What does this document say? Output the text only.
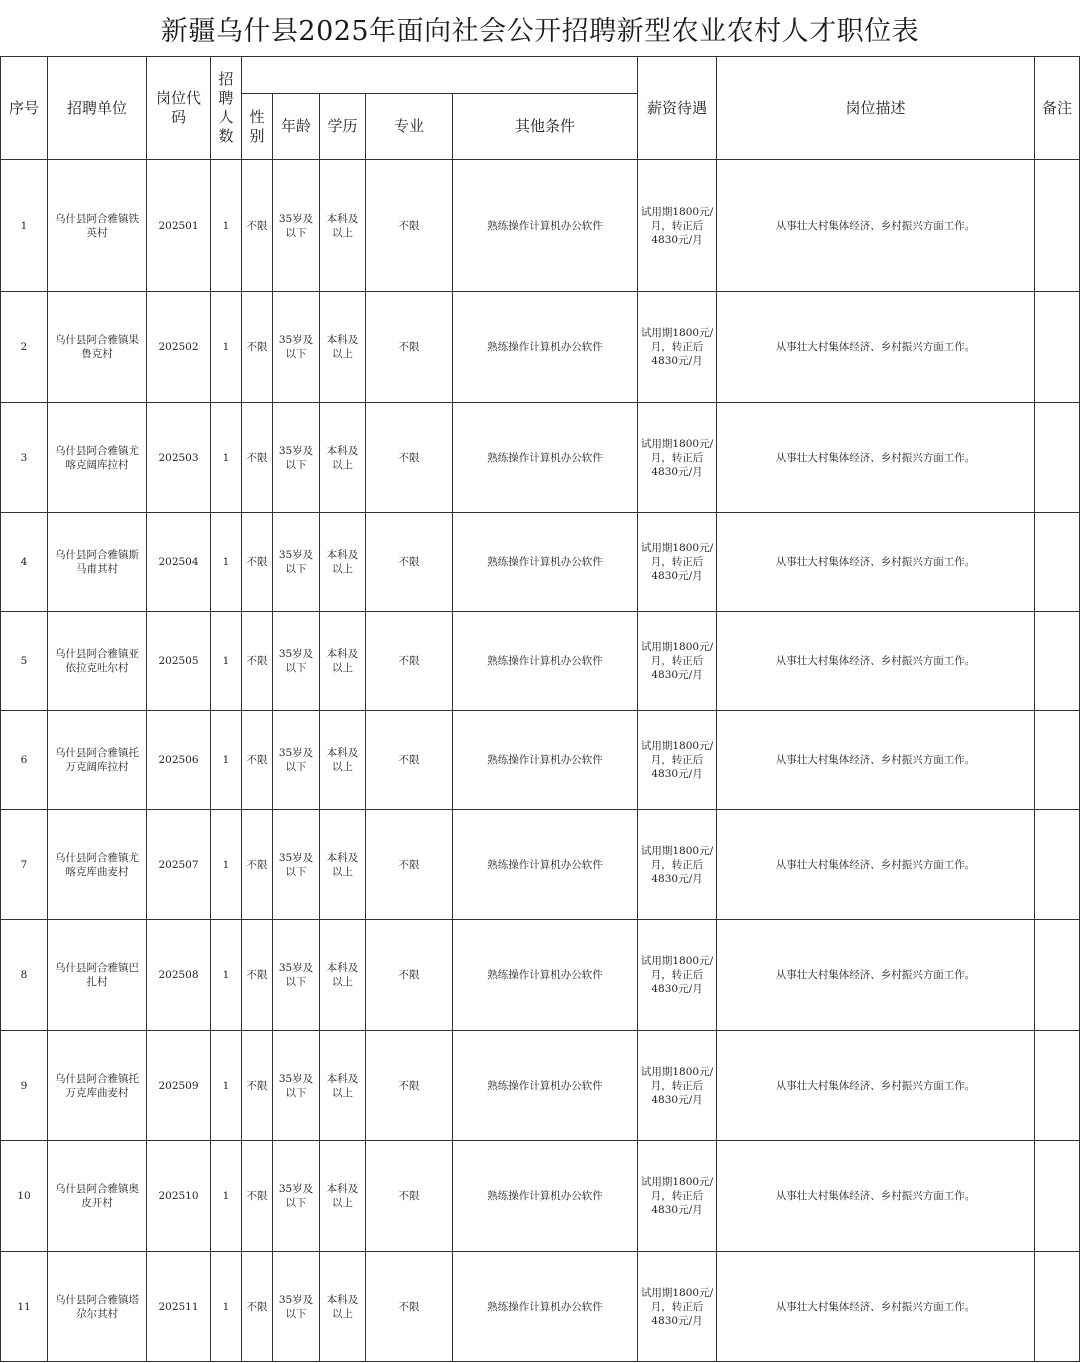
新疆乌什县2025年面向社会公开招聘新型农业农村人才职位表
序号	招聘单位	岗位代码	招聘人数						薪资待遇	岗位描述	备注
				性别	年龄	学历	专业	其他条件			
1	乌什县阿合雅镇铁英村	202501	1	不限	35岁及以下	本科及以上	不限	熟练操作计算机办公软件	试用期1800元/月，转正后4830元/月	从事壮大村集体经济、乡村振兴方面工作。	
2	乌什县阿合雅镇果鲁克村	202502	1	不限	35岁及以下	本科及以上	不限	熟练操作计算机办公软件	试用期1800元/月，转正后4830元/月	从事壮大村集体经济、乡村振兴方面工作。	
3	乌什县阿合雅镇尤喀克阔库拉村	202503	1	不限	35岁及以下	本科及以上	不限	熟练操作计算机办公软件	试用期1800元/月，转正后4830元/月	从事壮大村集体经济、乡村振兴方面工作。	
4	乌什县阿合雅镇斯马甫其村	202504	1	不限	35岁及以下	本科及以上	不限	熟练操作计算机办公软件	试用期1800元/月，转正后4830元/月	从事壮大村集体经济、乡村振兴方面工作。	
5	乌什县阿合雅镇亚依拉克吐尔村	202505	1	不限	35岁及以下	本科及以上	不限	熟练操作计算机办公软件	试用期1800元/月，转正后4830元/月	从事壮大村集体经济、乡村振兴方面工作。	
6	乌什县阿合雅镇托万克阔库拉村	202506	1	不限	35岁及以下	本科及以上	不限	熟练操作计算机办公软件	试用期1800元/月，转正后4830元/月	从事壮大村集体经济、乡村振兴方面工作。	
7	乌什县阿合雅镇尤喀克库曲麦村	202507	1	不限	35岁及以下	本科及以上	不限	熟练操作计算机办公软件	试用期1800元/月，转正后4830元/月	从事壮大村集体经济、乡村振兴方面工作。	
8	乌什县阿合雅镇巴扎村	202508	1	不限	35岁及以下	本科及以上	不限	熟练操作计算机办公软件	试用期1800元/月，转正后4830元/月	从事壮大村集体经济、乡村振兴方面工作。	
9	乌什县阿合雅镇托万克库曲麦村	202509	1	不限	35岁及以下	本科及以上	不限	熟练操作计算机办公软件	试用期1800元/月，转正后4830元/月	从事壮大村集体经济、乡村振兴方面工作。	
10	乌什县阿合雅镇奥皮开村	202510	1	不限	35岁及以下	本科及以上	不限	熟练操作计算机办公软件	试用期1800元/月，转正后4830元/月	从事壮大村集体经济、乡村振兴方面工作。	
11	乌什县阿合雅镇塔尕尔其村	202511	1	不限	35岁及以下	本科及以上	不限	熟练操作计算机办公软件	试用期1800元/月，转正后4830元/月	从事壮大村集体经济、乡村振兴方面工作。	
